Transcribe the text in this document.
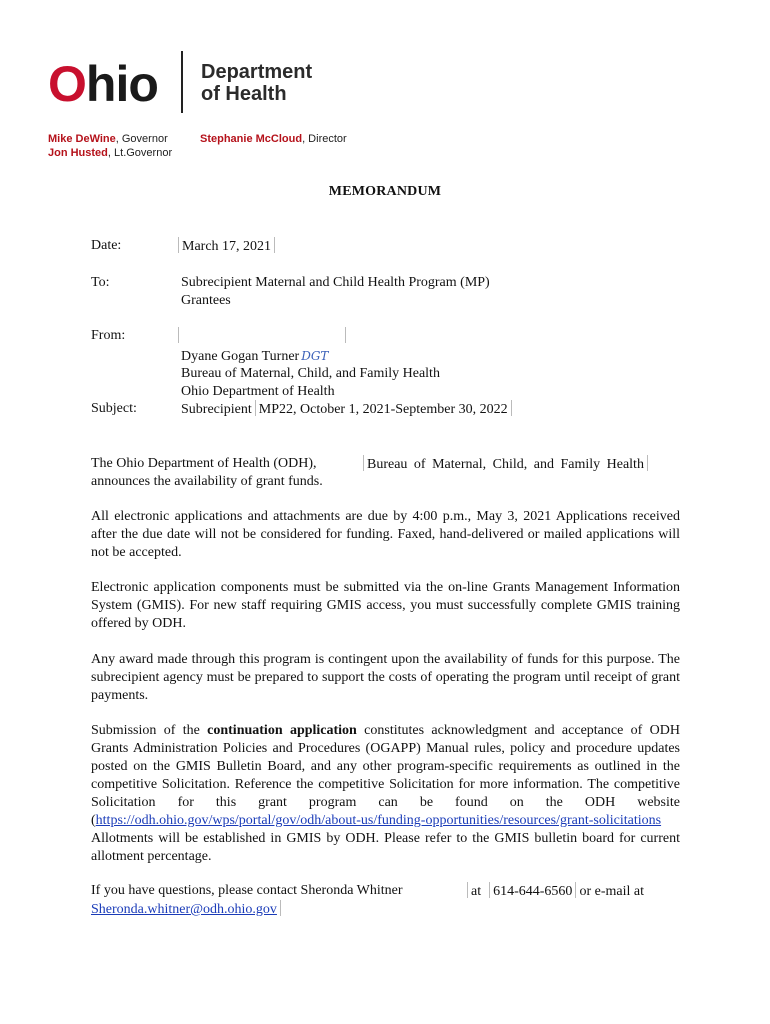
Ohio Department
of Health
Mike DeWine, Governor
Jon Husted, Lt.Governor
Stephanie McCloud, Director
MEMORANDUM
Date:	March 17, 2021
To:	Subrecipient Maternal and Child Health Program (MP)
Grantees
From:
Dyane Gogan Turner DGT
Bureau of Maternal, Child, and Family Health
Ohio Department of Health
Subject:	Subrecipient MP22, October 1, 2021-September 30, 2022
The Ohio Department of Health (ODH),	Bureau of Maternal, Child, and Family Health
announces the availability of grant funds.
All electronic applications and attachments are due by 4:00 p.m., May 3, 2021 Applications received after the due date will not be considered for funding. Faxed, hand-delivered or mailed applications will not be accepted.
Electronic application components must be submitted via the on-line Grants Management Information System (GMIS). For new staff requiring GMIS access, you must successfully complete GMIS training offered by ODH.
Any award made through this program is contingent upon the availability of funds for this purpose. The subrecipient agency must be prepared to support the costs of operating the program until receipt of grant payments.
Submission of the continuation application constitutes acknowledgment and acceptance of ODH Grants Administration Policies and Procedures (OGAPP) Manual rules, policy and procedure updates posted on the GMIS Bulletin Board, and any other program-specific requirements as outlined in the competitive Solicitation. Reference the competitive Solicitation for more information. The competitive Solicitation for this grant program can be found on the ODH website (https://odh.ohio.gov/wps/portal/gov/odh/about-us/funding-opportunities/resources/grant-solicitations Allotments will be established in GMIS by ODH. Please refer to the GMIS bulletin board for current allotment percentage.
If you have questions, please contact Sheronda Whitner	at 614-644-6560 or e-mail at
Sheronda.whitner@odh.ohio.gov
